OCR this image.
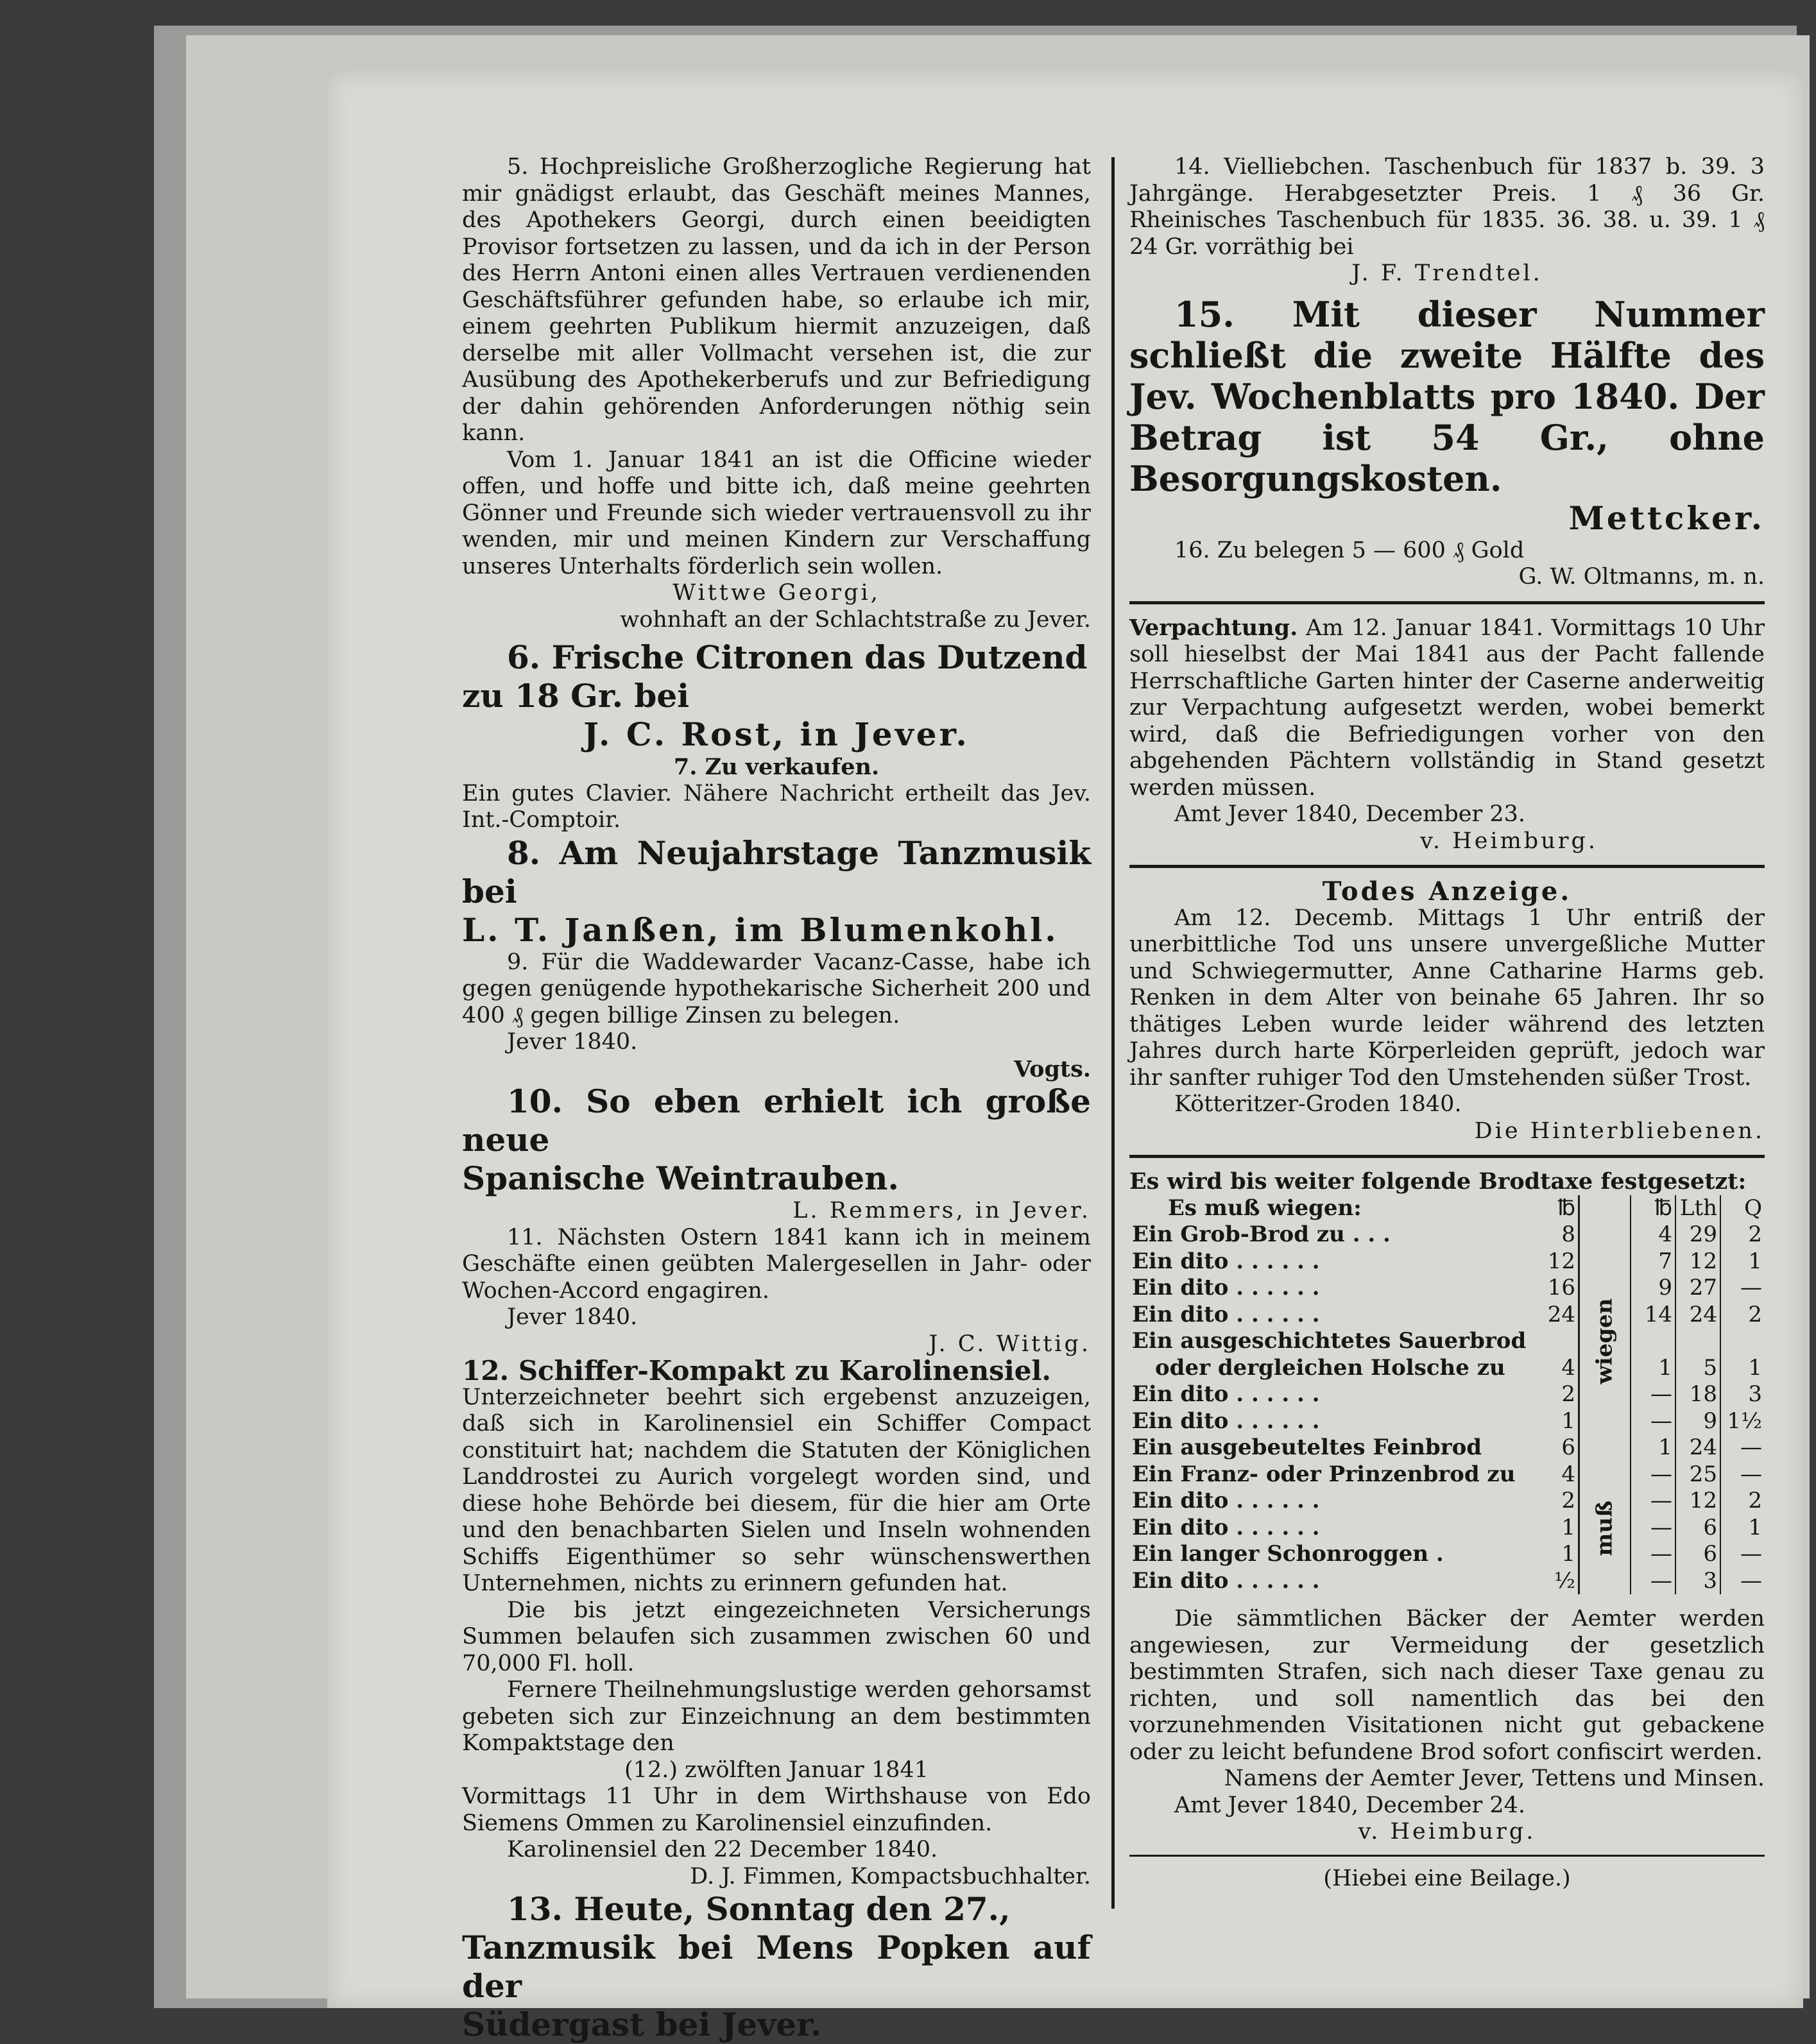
5. Hochpreisliche Großherzogliche Regierung hat mir gnädigst erlaubt, das Geschäft meines Mannes, des Apothekers Georgi, durch einen beeidigten Provisor fortsetzen zu lassen, und da ich in der Person des Herrn Antoni einen alles Vertrauen verdienenden Geschäftsführer gefunden habe, so erlaube ich mir, einem geehrten Publikum hiermit anzuzeigen, daß derselbe mit aller Vollmacht versehen ist, die zur Ausübung des Apothekerberufs und zur Befriedigung der dahin gehörenden Anforderungen nöthig sein kann.

Vom 1. Januar 1841 an ist die Officine wieder offen, und hoffe und bitte ich, daß meine geehrten Gönner und Freunde sich wieder vertrauensvoll zu ihr wenden, mir und meinen Kindern zur Verschaffung unseres Unterhalts förderlich sein wollen.

Wittwe Georgi,

wohnhaft an der Schlachtstraße zu Jever.

6. Frische Citronen das Dutzend

zu 18 Gr. bei

J. C. Rost, in Jever.

7. Zu verkaufen.

Ein gutes Clavier. Nähere Nachricht ertheilt das Jev. Int.-Comptoir.

8. Am Neujahrstage Tanzmusik bei

L. T. Janßen, im Blumenkohl.

9. Für die Waddewarder Vacanz-Casse, habe ich gegen genügende hypothekarische Sicherheit 200 und 400 ₰ gegen billige Zinsen zu belegen.

Jever 1840.

Vogts.

10. So eben erhielt ich große neue

Spanische Weintrauben.

L. Remmers, in Jever.

11. Nächsten Ostern 1841 kann ich in meinem Geschäfte einen geübten Malergesellen in Jahr- oder Wochen-Accord engagiren.

Jever 1840.

J. C. Wittig.

12. Schiffer-Kompakt zu Karolinensiel.

Unterzeichneter beehrt sich ergebenst anzuzeigen, daß sich in Karolinensiel ein Schiffer Compact constituirt hat; nachdem die Statuten der Königlichen Landdrostei zu Aurich vorgelegt worden sind, und diese hohe Behörde bei diesem, für die hier am Orte und den benachbarten Sielen und Inseln wohnenden Schiffs Eigenthümer so sehr wünschenswerthen Unternehmen, nichts zu erinnern gefunden hat.

Die bis jetzt eingezeichneten Versicherungs Summen belaufen sich zusammen zwischen 60 und 70,000 Fl. holl.

Fernere Theilnehmungslustige werden gehorsamst gebeten sich zur Einzeichnung an dem bestimmten Kompaktstage den

(12.) zwölften Januar 1841

Vormittags 11 Uhr in dem Wirthshause von Edo Siemens Ommen zu Karolinensiel einzufinden.

Karolinensiel den 22 December 1840.

D. J. Fimmen, Kompactsbuchhalter.

13. Heute, Sonntag den 27.,

Tanzmusik bei Mens Popken auf der

Südergast bei Jever.

14. Vielliebchen. Taschenbuch für 1837 b. 39. 3 Jahrgänge. Herabgesetzter Preis. 1 ₰ 36 Gr. Rheinisches Taschenbuch für 1835. 36. 38. u. 39. 1 ₰ 24 Gr. vorräthig bei

J. F. Trendtel.

15. Mit dieser Nummer schließt die zweite Hälfte des Jev. Wochenblatts pro 1840. Der Betrag ist 54 Gr., ohne Besorgungskosten.

Mettcker.

16. Zu belegen 5 — 600 ₰ Gold

G. W. Oltmanns, m. n.

Verpachtung. Am 12. Januar 1841. Vormittags 10 Uhr soll hieselbst der Mai 1841 aus der Pacht fallende Herrschaftliche Garten hinter der Caserne anderweitig zur Verpachtung aufgesetzt werden, wobei bemerkt wird, daß die Befriedigungen vorher von den abgehenden Pächtern vollständig in Stand gesetzt werden müssen.

Amt Jever 1840, December 23.

v. Heimburg.

Todes Anzeige.

Am 12. Decemb. Mittags 1 Uhr entriß der unerbittliche Tod uns unsere unvergeßliche Mutter und Schwiegermutter, Anne Catharine Harms geb. Renken in dem Alter von beinahe 65 Jahren. Ihr so thätiges Leben wurde leider während des letzten Jahres durch harte Körperleiden geprüft, jedoch war ihr sanfter ruhiger Tod den Umstehenden süßer Trost.

Kötteritzer-Groden 1840.

Die Hinterbliebenen.

Es wird bis weiter folgende Brodtaxe festgesetzt:

Es muß wiegen:	℔		℔	Lth	Q
Ein Grob-Brod zu . . .	8	wiegen	4	29	2
Ein dito . . . . . .	12		7	12	1
Ein dito . . . . . .	16		9	27	—
Ein dito . . . . . .	24		14	24	2
Ein ausgeschichtetes Sauerbrod					
oder dergleichen Holsche zu	4		1	5	1
Ein dito . . . . . .	2		—	18	3
Ein dito . . . . . .	1		—	9	1½
Ein ausgebeuteltes Feinbrod	6		1	24	—
Ein Franz- oder Prinzenbrod zu	4	muß	—	25	—
Ein dito . . . . . .	2		—	12	2
Ein dito . . . . . .	1		—	6	1
Ein langer Schonroggen .	1		—	6	—
Ein dito . . . . . .	½		—	3	—

Die sämmtlichen Bäcker der Aemter werden angewiesen, zur Vermeidung der gesetzlich bestimmten Strafen, sich nach dieser Taxe genau zu richten, und soll namentlich das bei den vorzunehmenden Visitationen nicht gut gebackene oder zu leicht befundene Brod sofort confiscirt werden.

Namens der Aemter Jever, Tettens und Minsen.

Amt Jever 1840, December 24.

v. Heimburg.

(Hiebei eine Beilage.)
